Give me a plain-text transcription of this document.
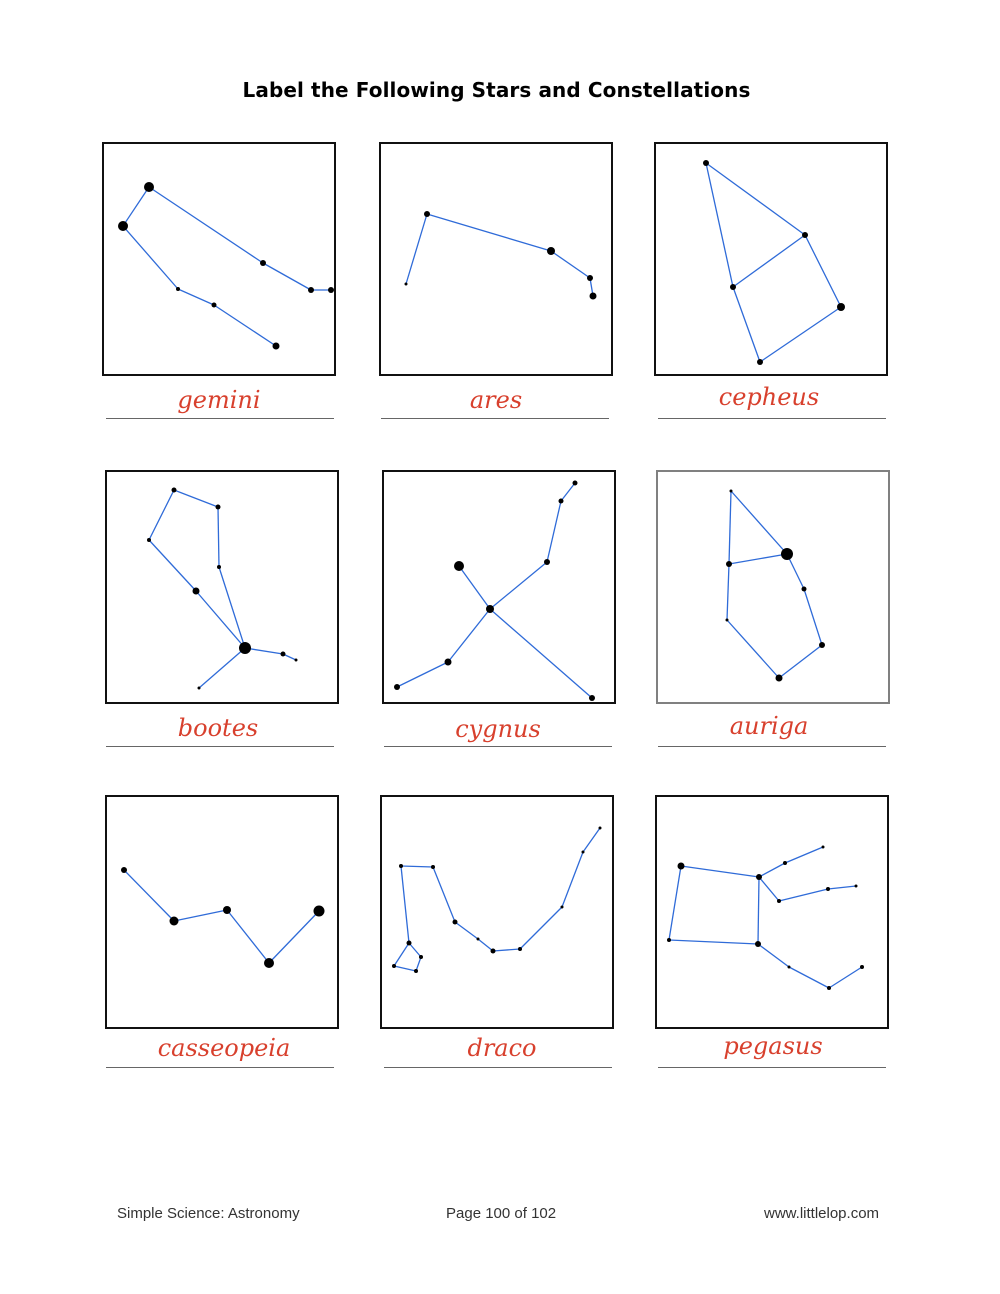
Label the Following Stars and Constellations
gemini	ares	cepheus
bootes	cygnus	auriga
casseopeia	draco	pegasus
Simple Science: Astronomy	Page 100 of 102	www.littlelop.com
